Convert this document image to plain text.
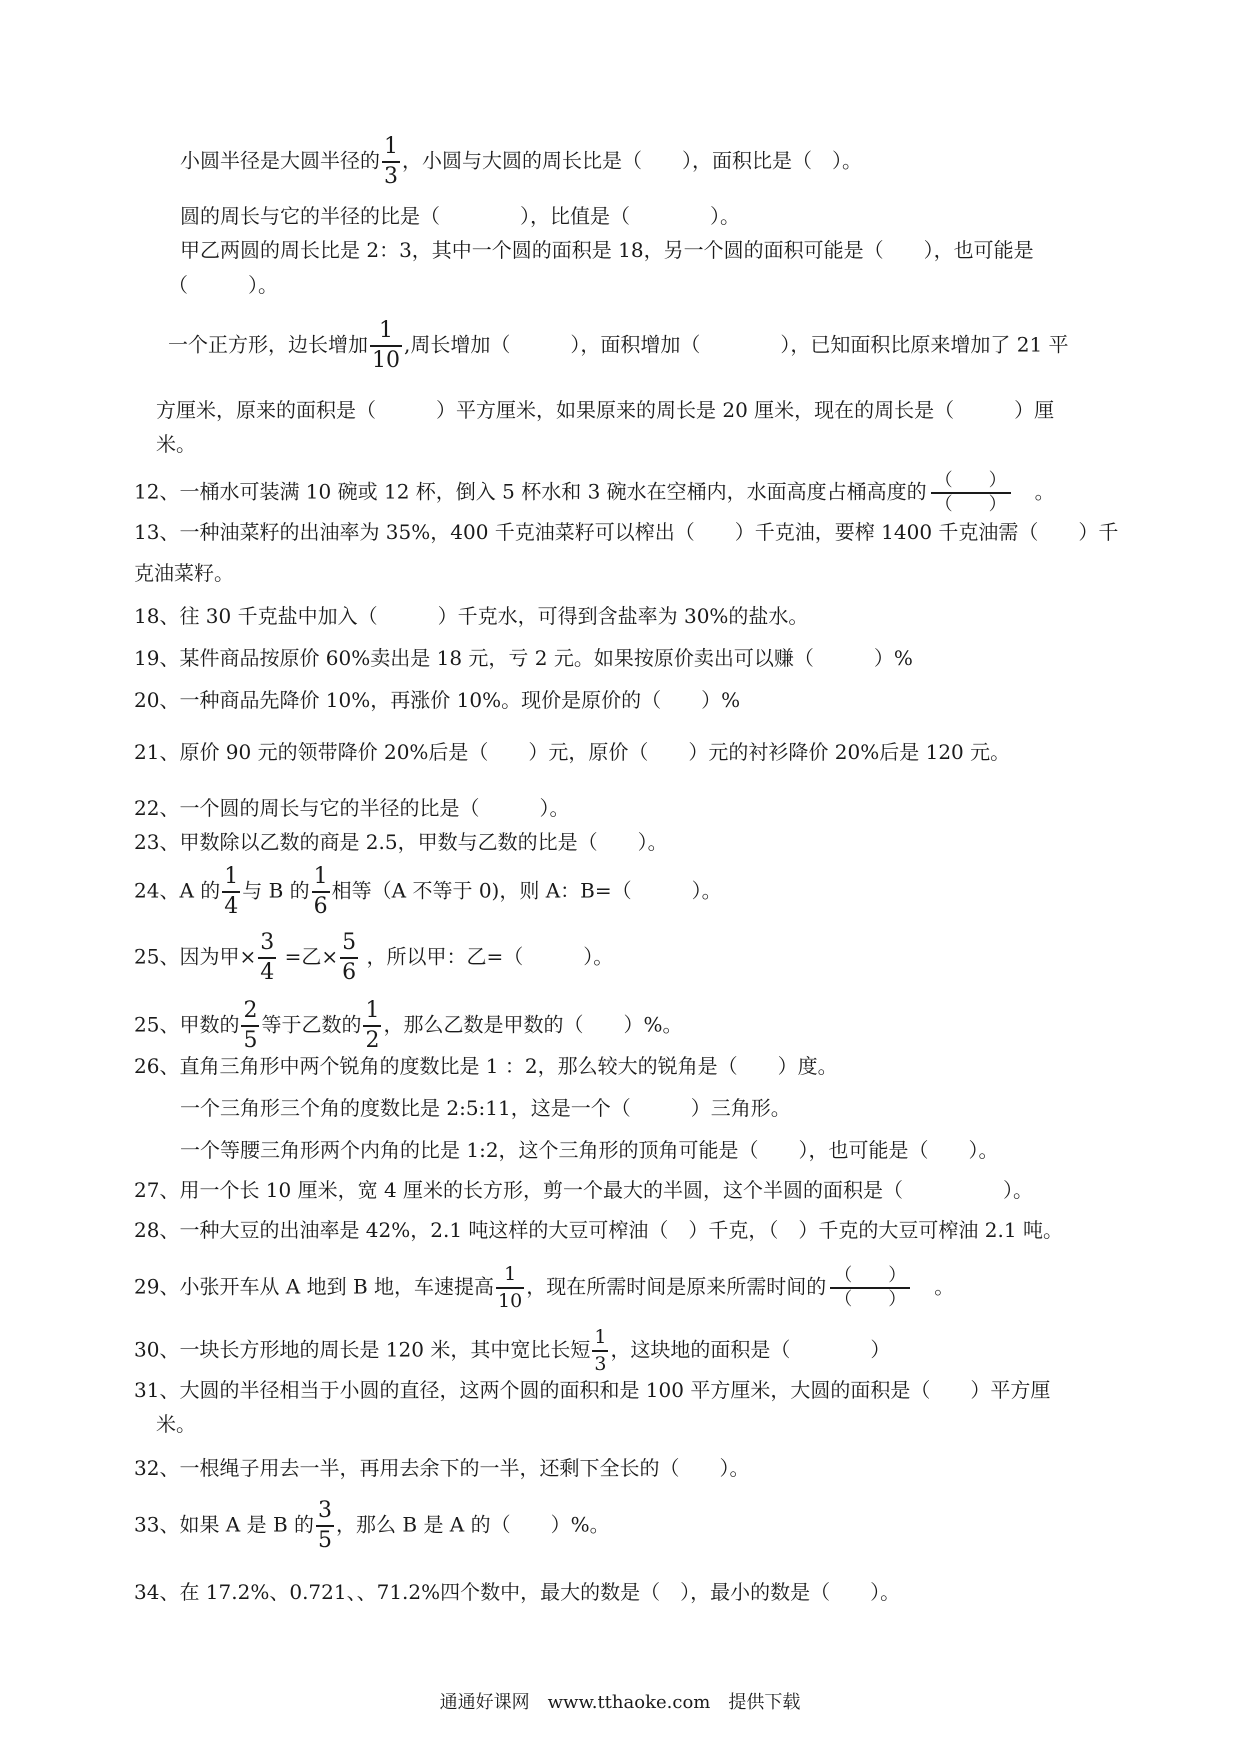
小圆半径是大圆半径的 $\frac{1}{3}$ ，小圆与大圆的周长比是（　　），面积比是（　）。
圆的周长与它的半径的比是（　　　　），比值是（　　　　）。
甲乙两圆的周长比是 2：3，其中一个圆的面积是 18，另一个圆的面积可能是（　　），也可能是
（　　　）。
一个正方形，边长增加 $\frac{1}{10}$ ,周长增加（　　　），面积增加（　　　　），已知面积比原来增加了 21 平
方厘米，原来的面积是（　　　）平方厘米，如果原来的周长是 20 厘米，现在的周长是（　　　）厘
米。
12、一桶水可装满 10 碗或 12 杯，倒入 5 杯水和 3 碗水在空桶内，水面高度占桶高度的 （　　）
（　　）
　。
13、一种油菜籽的出油率为 35%，400 千克油菜籽可以榨出（　　）千克油，要榨 1400 千克油需（　　）千
克油菜籽。
18、往 30 千克盐中加入（　　　）千克水，可得到含盐率为 30%的盐水。
19、某件商品按原价 60%卖出是 18 元，亏 2 元。如果按原价卖出可以赚（　　　）%
20、一种商品先降价 10%，再涨价 10%。现价是原价的（　　）%
21、原价 90 元的领带降价 20%后是（　　）元，原价（　　）元的衬衫降价 20%后是 120 元。
22、一个圆的周长与它的半径的比是（　　　）。
23、甲数除以乙数的商是 2.5，甲数与乙数的比是（　　）。
24、A 的 $\frac{1}{4}$ 与 B 的 $\frac{1}{6}$ 相等（A 不等于 0)，则 A：B=（　　　）。
25、因为甲× $\frac{3}{4}$ =乙× $\frac{5}{6}$ ，所以甲：乙=（　　　）。
25、甲数的 $\frac{2}{5}$ 等于乙数的 $\frac{1}{2}$ ，那么乙数是甲数的（　　）%。
26、直角三角形中两个锐角的度数比是 1 ：2，那么较大的锐角是（　　）度。
一个三角形三个角的度数比是 2:5:11，这是一个（　　　）三角形。
一个等腰三角形两个内角的比是 1:2，这个三角形的顶角可能是（　　），也可能是（　　）。
27、用一个长 10 厘米，宽 4 厘米的长方形，剪一个最大的半圆，这个半圆的面积是（　　　　　）。
28、一种大豆的出油率是 42%，2.1 吨这样的大豆可榨油（　）千克，（　）千克的大豆可榨油 2.1 吨。
29、小张开车从 A 地到 B 地，车速提高 $\frac{1}{10}$ ，现在所需时间是原来所需时间的 （　　）
（　　）
　。
30、一块长方形地的周长是 120 米，其中宽比长短 $\frac{1}{3}$ ，这块地的面积是（　　　　）
31、大圆的半径相当于小圆的直径，这两个圆的面积和是 100 平方厘米，大圆的面积是（　　）平方厘
米。
32、一根绳子用去一半，再用去余下的一半，还剩下全长的（　　）。
33、如果 A 是 B 的 $\frac{3}{5}$ ，那么 B 是 A 的（　　）%。
34、在 17.2%、0.721、、71.2%四个数中，最大的数是（　），最小的数是（　　）。
通通好课网　www.tthaoke.com　提供下载
